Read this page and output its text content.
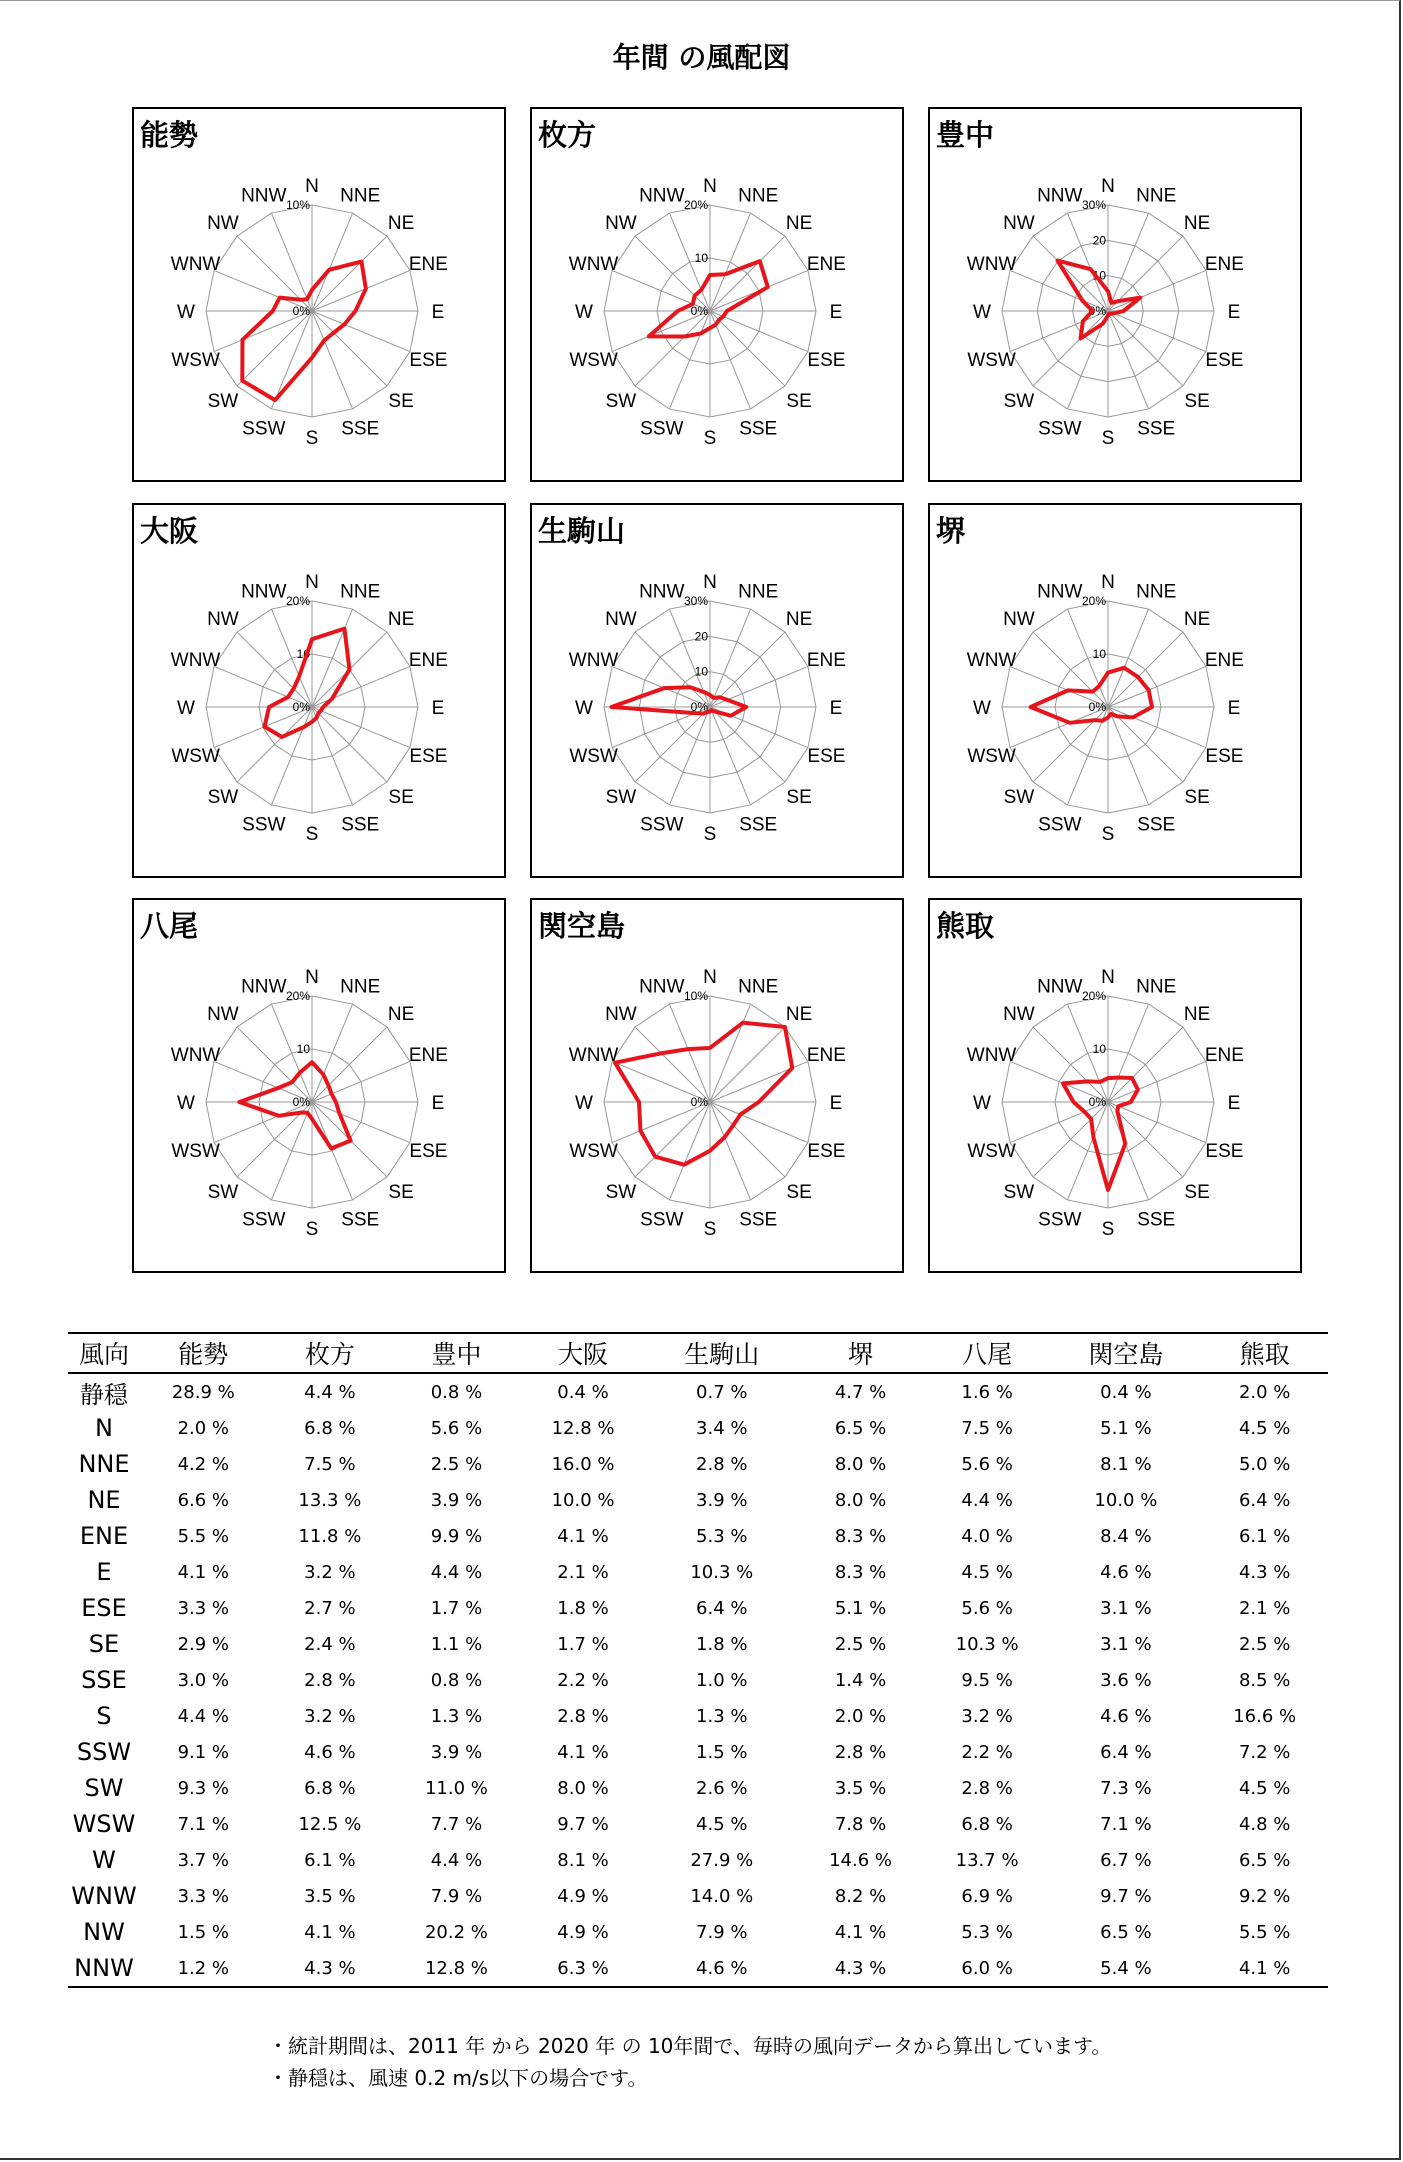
年間 の風配図
能勢
N NNE
NE
ENE
E
ESE
SE
SSE
S
SSW
SW
WSW
W
WNW
NW
NNW
0%
10%
枚方
N NNE
NE
ENE
E
ESE
SE
SSE
S
SSW
SW
WSW
W
WNW
NW
NNW
0%
10
20%
豊中
N NNE
NE
ENE
E
ESE
SE
SSE
S
SSW
SW
WSW
W
WNW
NW
NNW
0%
10
20
30%
大阪
N NNE
NE
ENE
E
ESE
SE
SSE
S
SSW
SW
WSW
W
WNW
NW
NNW
0%
10
20%
生駒山
N NNE
NE
ENE
E
ESE
SE
SSE
S
SSW
SW
WSW
W
WNW
NW
NNW
0%
10
20
30%
堺
N NNE
NE
ENE
E
ESE
SE
SSE
S
SSW
SW
WSW
W
WNW
NW
NNW
0%
10
20%
八尾
N NNE
NE
ENE
E
ESE
SE
SSE
S
SSW
SW
WSW
W
WNW
NW
NNW
0%
10
20%
関空島
N NNE
NE
ENE
E
ESE
SE
SSE
S
SSW
SW
WSW
W
WNW
NW
NNW
0%
10%
熊取
N NNE
NE
ENE
E
ESE
SE
SSE
S
SSW
SW
WSW
W
WNW
NW
NNW
0%
10
20%
風向	能勢	枚方	豊中	大阪	生駒山	堺	八尾	関空島	熊取
静穏	28.9 %	4.4 %	0.8 %	0.4 %	0.7 %	4.7 %	1.6 %	0.4 %	2.0 %
N	2.0 %	6.8 %	5.6 %	12.8 %	3.4 %	6.5 %	7.5 %	5.1 %	4.5 %
NNE	4.2 %	7.5 %	2.5 %	16.0 %	2.8 %	8.0 %	5.6 %	8.1 %	5.0 %
NE	6.6 %	13.3 %	3.9 %	10.0 %	3.9 %	8.0 %	4.4 %	10.0 %	6.4 %
ENE	5.5 %	11.8 %	9.9 %	4.1 %	5.3 %	8.3 %	4.0 %	8.4 %	6.1 %
E	4.1 %	3.2 %	4.4 %	2.1 %	10.3 %	8.3 %	4.5 %	4.6 %	4.3 %
ESE	3.3 %	2.7 %	1.7 %	1.8 %	6.4 %	5.1 %	5.6 %	3.1 %	2.1 %
SE	2.9 %	2.4 %	1.1 %	1.7 %	1.8 %	2.5 %	10.3 %	3.1 %	2.5 %
SSE	3.0 %	2.8 %	0.8 %	2.2 %	1.0 %	1.4 %	9.5 %	3.6 %	8.5 %
S	4.4 %	3.2 %	1.3 %	2.8 %	1.3 %	2.0 %	3.2 %	4.6 %	16.6 %
SSW	9.1 %	4.6 %	3.9 %	4.1 %	1.5 %	2.8 %	2.2 %	6.4 %	7.2 %
SW	9.3 %	6.8 %	11.0 %	8.0 %	2.6 %	3.5 %	2.8 %	7.3 %	4.5 %
WSW	7.1 %	12.5 %	7.7 %	9.7 %	4.5 %	7.8 %	6.8 %	7.1 %	4.8 %
W	3.7 %	6.1 %	4.4 %	8.1 %	27.9 %	14.6 %	13.7 %	6.7 %	6.5 %
WNW	3.3 %	3.5 %	7.9 %	4.9 %	14.0 %	8.2 %	6.9 %	9.7 %	9.2 %
NW	1.5 %	4.1 %	20.2 %	4.9 %	7.9 %	4.1 %	5.3 %	6.5 %	5.5 %
NNW	1.2 %	4.3 %	12.8 %	6.3 %	4.6 %	4.3 %	6.0 %	5.4 %	4.1 %
・統計期間は、2011 年 から 2020 年 の 10年間で、毎時の風向データから算出しています。
・静穏は、風速 0.2 m/s以下の場合です。
